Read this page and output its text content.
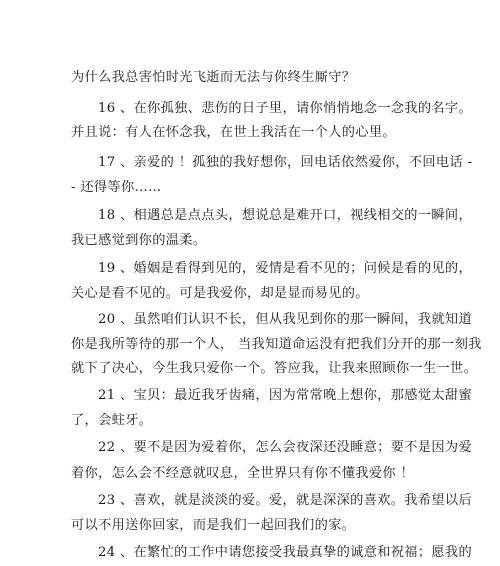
为什么我总害怕时光飞逝而无法与你终生厮守？
16 、在你孤独、悲伤的日子里，请你悄悄地念一念我的名字。
并且说：有人在怀念我，在世上我活在一个人的心里。
17 、亲爱的 ！孤独的我好想你，回电话依然爱你，不回电话 -
- 还得等你……
18 、相遇总是点点头，想说总是难开口，视线相交的一瞬间，
我已感觉到你的温柔。
19 、婚姻是看得到见的，爱情是看不见的；问候是看的见的，
关心是看不见的。可是我爱你，却是显而易见的。
20 、虽然咱们认识不长，但从我见到你的那一瞬间，我就知道
你是我所等待的那一个人， 当我知道命运没有把我们分开的那一刻我
就下了决心，今生我只爱你一个。答应我，让我来照顾你一生一世。
21 、宝贝：最近我牙齿痛，因为常常晚上想你，那感觉太甜蜜
了，会蛀牙。
22 、要不是因为爱着你，怎么会夜深还没睡意；要不是因为爱
着你，怎么会不经意就叹息，全世界只有你不懂我爱你 ！
23 、喜欢，就是淡淡的爱。爱，就是深深的喜欢。我希望以后
可以不用送你回家，而是我们一起回我们的家。
24 、在繁忙的工作中请您接受我最真挚的诚意和祝福；愿我的
